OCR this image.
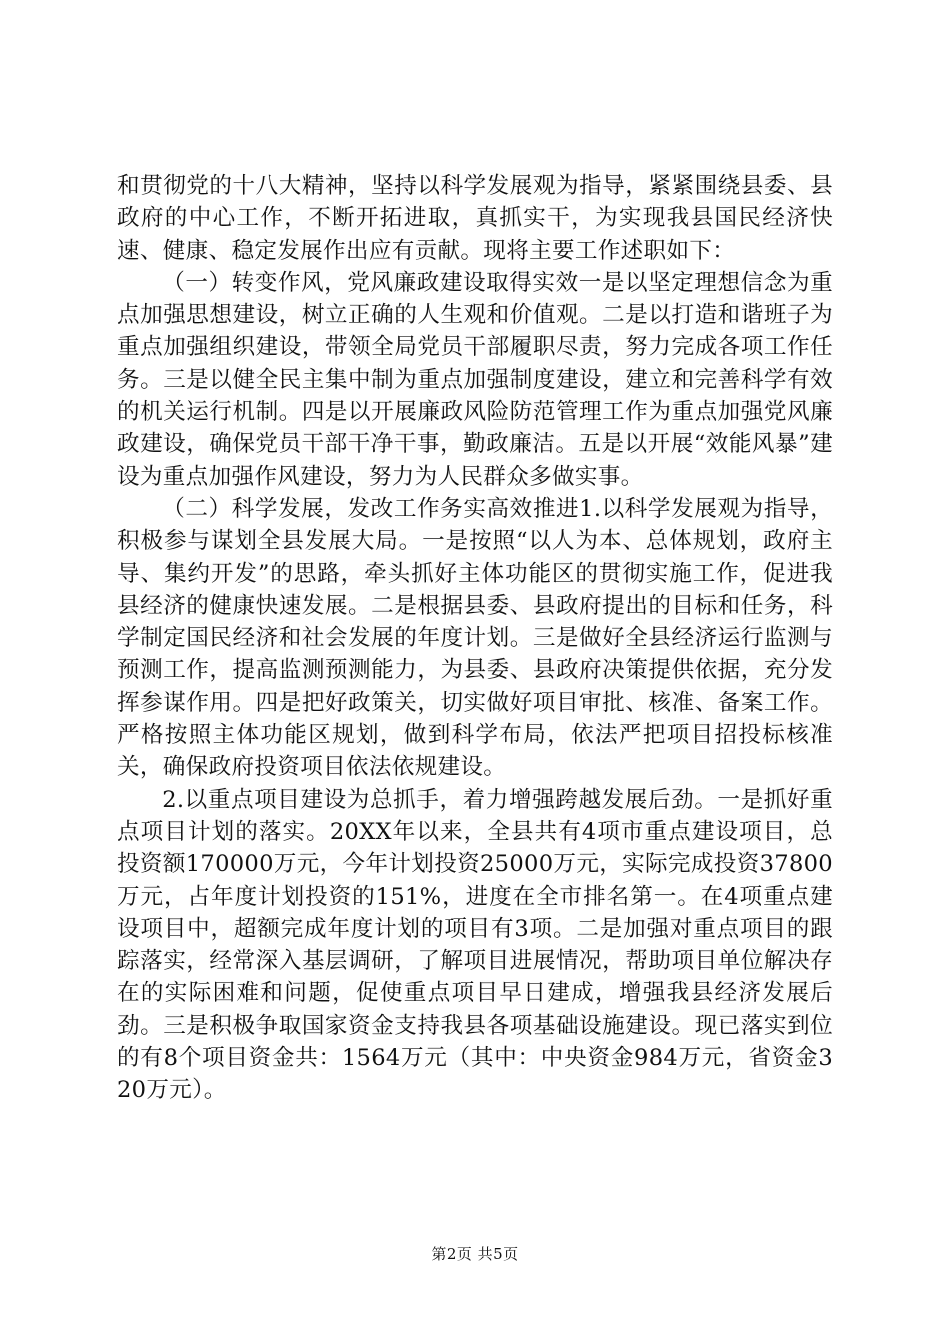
和贯彻党的十八大精神，坚持以科学发展观为指导，紧紧围绕县委、县政府的中心工作，不断开拓进取，真抓实干，为实现我县国民经济快速、健康、稳定发展作出应有贡献。现将主要工作述职如下：

（一）转变作风，党风廉政建设取得实效一是以坚定理想信念为重点加强思想建设，树立正确的人生观和价值观。二是以打造和谐班子为重点加强组织建设，带领全局党员干部履职尽责，努力完成各项工作任务。三是以健全民主集中制为重点加强制度建设，建立和完善科学有效的机关运行机制。四是以开展廉政风险防范管理工作为重点加强党风廉政建设，确保党员干部干净干事，勤政廉洁。五是以开展“效能风暴”建设为重点加强作风建设，努力为人民群众多做实事。

（二）科学发展，发改工作务实高效推进1.以科学发展观为指导，积极参与谋划全县发展大局。一是按照“以人为本、总体规划，政府主导、集约开发”的思路，牵头抓好主体功能区的贯彻实施工作，促进我县经济的健康快速发展。二是根据县委、县政府提出的目标和任务，科学制定国民经济和社会发展的年度计划。三是做好全县经济运行监测与预测工作，提高监测预测能力，为县委、县政府决策提供依据，充分发挥参谋作用。四是把好政策关，切实做好项目审批、核准、备案工作。严格按照主体功能区规划，做到科学布局，依法严把项目招投标核准关，确保政府投资项目依法依规建设。

2.以重点项目建设为总抓手，着力增强跨越发展后劲。一是抓好重点项目计划的落实。20XX年以来，全县共有4项市重点建设项目，总投资额170000万元，今年计划投资25000万元，实际完成投资37800万元，占年度计划投资的151%，进度在全市排名第一。在4项重点建设项目中，超额完成年度计划的项目有3项。二是加强对重点项目的跟踪落实，经常深入基层调研，了解项目进展情况，帮助项目单位解决存在的实际困难和问题，促使重点项目早日建成，增强我县经济发展后劲。三是积极争取国家资金支持我县各项基础设施建设。现已落实到位的有8个项目资金共：1564万元（其中：中央资金984万元，省资金320万元）。

第2页 共5页
